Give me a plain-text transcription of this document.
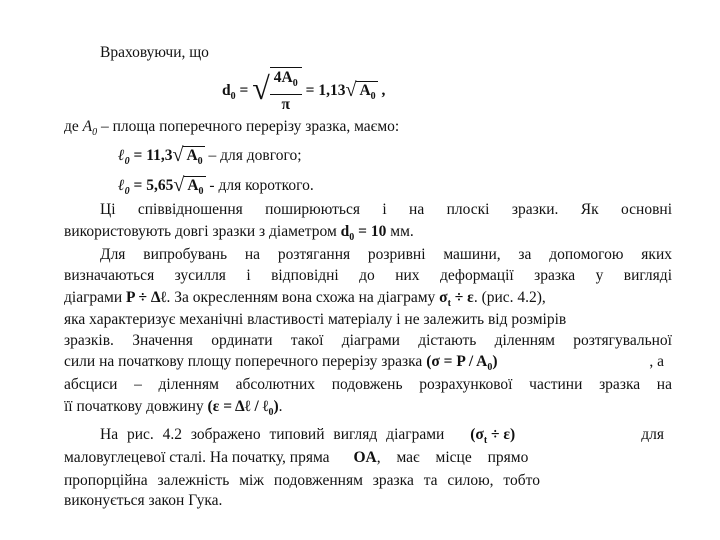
Враховуючи, що
$d_0$ = √ $\frac{4A_0}{\pi} = 1,13√$ $A_0$ ,
де $A_0$ – площа поперечного перерізу зразка, маємо:
ℓ$_0$ = 11,3√ $A_0$ – для довгого;
ℓ$_0$ = 5,65√ $A_0$ - для короткого.
Ці співвідношення поширюються і на плоскі зразки. Як основні
використовують довгі зразки з діаметром $d_0 = 10$ мм.
Для випробувань на розтягання розривні машини, за допомогою яких
визначаються зусилля і відповідні до них деформації зразка у вигляді
діаграми P ÷ Δℓ. За окресленням вона схожа на діаграму $\sigma_t \div \varepsilon$. (рис. 4.2),
яка характеризує механічні властивості матеріалу і не залежить від розмірів
зразків. Значення ординати такої діаграми дістають діленням розтягувальної
сили на початкову площу поперечного перерізу зразка $(\sigma = P / A_0)$	, а
абсциси – діленням абсолютних подовжень розрахункової частини зразка на
її початкову довжину (ε = Δℓ / ℓ$_0$).
На рис. 4.2 зображено типовий вигляд діаграми $(\sigma_t \div \varepsilon)$	для
маловуглецевої сталі. На початку, пряма OA, має місце прямо
пропорційна залежність між подовженням зразка та силою, тобто
виконується закон Гука.
